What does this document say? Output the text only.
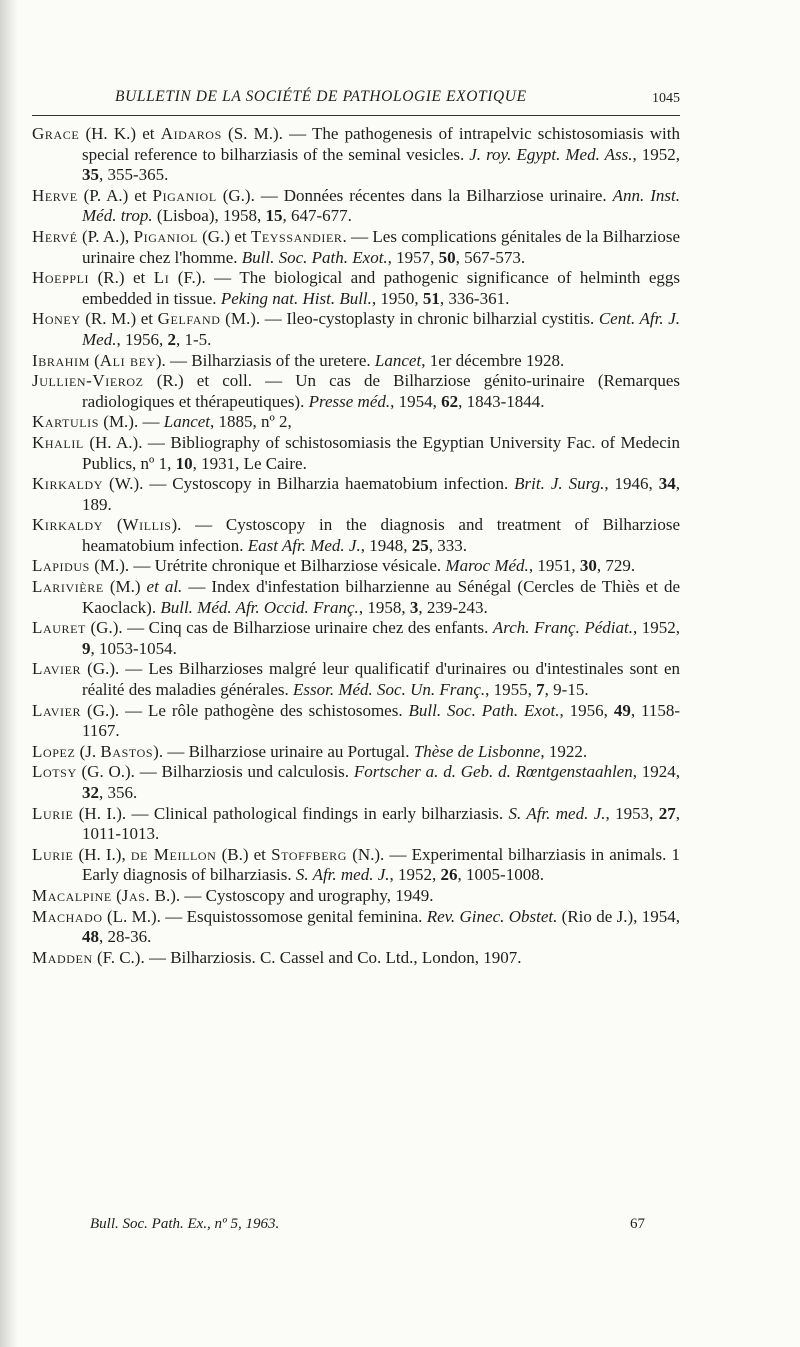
BULLETIN DE LA SOCIÉTÉ DE PATHOLOGIE EXOTIQUE	1045

Grace (H. K.) et Aidaros (S. M.). — The pathogenesis of intrapelvic schistosomiasis with special reference to bilharziasis of the seminal vesicles. J. roy. Egypt. Med. Ass., 1952, 35, 355-365.

Herve (P. A.) et Piganiol (G.). — Données récentes dans la Bilharziose urinaire. Ann. Inst. Méd. trop. (Lisboa), 1958, 15, 647-677.

Hervé (P. A.), Piganiol (G.) et Teyssandier. — Les complications génitales de la Bilharziose urinaire chez l'homme. Bull. Soc. Path. Exot., 1957, 50, 567-573.

Hoeppli (R.) et Li (F.). — The biological and pathogenic significance of helminth eggs embedded in tissue. Peking nat. Hist. Bull., 1950, 51, 336-361.

Honey (R. M.) et Gelfand (M.). — Ileo-cystoplasty in chronic bilharzial cystitis. Cent. Afr. J. Med., 1956, 2, 1-5.

Ibrahim (Ali bey). — Bilharziasis of the uretere. Lancet, 1er décembre 1928.

Jullien-Vieroz (R.) et coll. — Un cas de Bilharziose génito-urinaire (Remarques radiologiques et thérapeutiques). Presse méd., 1954, 62, 1843-1844.

Kartulis (M.). — Lancet, 1885, nº 2,

Khalil (H. A.). — Bibliography of schistosomiasis the Egyptian University Fac. of Medecin Publics, nº 1, 10, 1931, Le Caire.

Kirkaldy (W.). — Cystoscopy in Bilharzia haematobium infection. Brit. J. Surg., 1946, 34, 189.

Kirkaldy (Willis). — Cystoscopy in the diagnosis and treatment of Bilharziose heamatobium infection. East Afr. Med. J., 1948, 25, 333.

Lapidus (M.). — Urétrite chronique et Bilharziose vésicale. Maroc Méd., 1951, 30, 729.

Larivière (M.) et al. — Index d'infestation bilharzienne au Sénégal (Cercles de Thiès et de Kaoclack). Bull. Méd. Afr. Occid. Franç., 1958, 3, 239-243.

Lauret (G.). — Cinq cas de Bilharziose urinaire chez des enfants. Arch. Franç. Pédiat., 1952, 9, 1053-1054.

Lavier (G.). — Les Bilharzioses malgré leur qualificatif d'urinaires ou d'intestinales sont en réalité des maladies générales. Essor. Méd. Soc. Un. Franç., 1955, 7, 9-15.

Lavier (G.). — Le rôle pathogène des schistosomes. Bull. Soc. Path. Exot., 1956, 49, 1158-1167.

Lopez (J. Bastos). — Bilharziose urinaire au Portugal. Thèse de Lisbonne, 1922.

Lotsy (G. O.). — Bilharziosis und calculosis. Fortscher a. d. Geb. d. Rœntgenstaahlen, 1924, 32, 356.

Lurie (H. I.). — Clinical pathological findings in early bilharziasis. S. Afr. med. J., 1953, 27, 1011-1013.

Lurie (H. I.), de Meillon (B.) et Stoffberg (N.). — Experimental bilharziasis in animals. 1 Early diagnosis of bilharziasis. S. Afr. med. J., 1952, 26, 1005-1008.

Macalpine (Jas. B.). — Cystoscopy and urography, 1949.

Machado (L. M.). — Esquistossomose genital feminina. Rev. Ginec. Obstet. (Rio de J.), 1954, 48, 28-36.

Madden (F. C.). — Bilharziosis. C. Cassel and Co. Ltd., London, 1907.

Bull. Soc. Path. Ex., nº 5, 1963.	67
